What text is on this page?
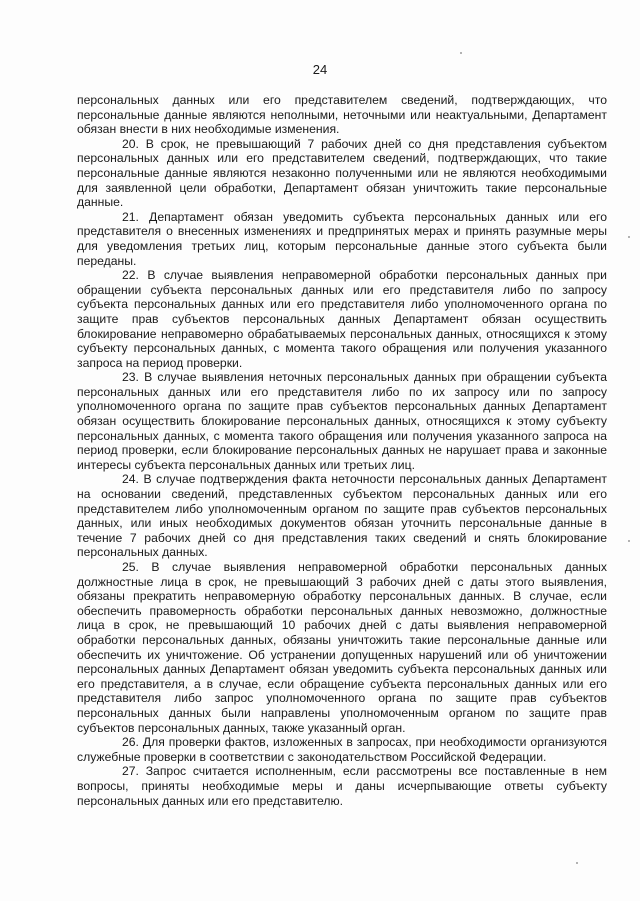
24

персональных данных или его представителем сведений, подтверждающих, что персональные данные являются неполными, неточными или неактуальными, Департамент обязан внести в них необходимые изменения.

20. В срок, не превышающий 7 рабочих дней со дня представления субъектом персональных данных или его представителем сведений, подтверждающих, что такие персональные данные являются незаконно полученными или не являются необходимыми для заявленной цели обработки, Департамент обязан уничтожить такие персональные данные.

21. Департамент обязан уведомить субъекта персональных данных или его представителя о внесенных изменениях и предпринятых мерах и принять разумные меры для уведомления третьих лиц, которым персональные данные этого субъекта были переданы.

22. В случае выявления неправомерной обработки персональных данных при обращении субъекта персональных данных или его представителя либо по запросу субъекта персональных данных или его представителя либо уполномоченного органа по защите прав субъектов персональных данных Департамент обязан осуществить блокирование неправомерно обрабатываемых персональных данных, относящихся к этому субъекту персональных данных, с момента такого обращения или получения указанного запроса на период проверки.

23. В случае выявления неточных персональных данных при обращении субъекта персональных данных или его представителя либо по их запросу или по запросу уполномоченного органа по защите прав субъектов персональных данных Департамент обязан осуществить блокирование персональных данных, относящихся к этому субъекту персональных данных, с момента такого обращения или получения указанного запроса на период проверки, если блокирование персональных данных не нарушает права и законные интересы субъекта персональных данных или третьих лиц.

24. В случае подтверждения факта неточности персональных данных Департамент на основании сведений, представленных субъектом персональных данных или его представителем либо уполномоченным органом по защите прав субъектов персональных данных, или иных необходимых документов обязан уточнить персональные данные в течение 7 рабочих дней со дня представления таких сведений и снять блокирование персональных данных.

25. В случае выявления неправомерной обработки персональных данных должностные лица в срок, не превышающий 3 рабочих дней с даты этого выявления, обязаны прекратить неправомерную обработку персональных данных. В случае, если обеспечить правомерность обработки персональных данных невозможно, должностные лица в срок, не превышающий 10 рабочих дней с даты выявления неправомерной обработки персональных данных, обязаны уничтожить такие персональные данные или обеспечить их уничтожение. Об устранении допущенных нарушений или об уничтожении персональных данных Департамент обязан уведомить субъекта персональных данных или его представителя, а в случае, если обращение субъекта персональных данных или его представителя либо запрос уполномоченного органа по защите прав субъектов персональных данных были направлены уполномоченным органом по защите прав субъектов персональных данных, также указанный орган.

26. Для проверки фактов, изложенных в запросах, при необходимости организуются служебные проверки в соответствии с законодательством Российской Федерации.

27. Запрос считается исполненным, если рассмотрены все поставленные в нем вопросы, приняты необходимые меры и даны исчерпывающие ответы субъекту персональных данных или его представителю.
